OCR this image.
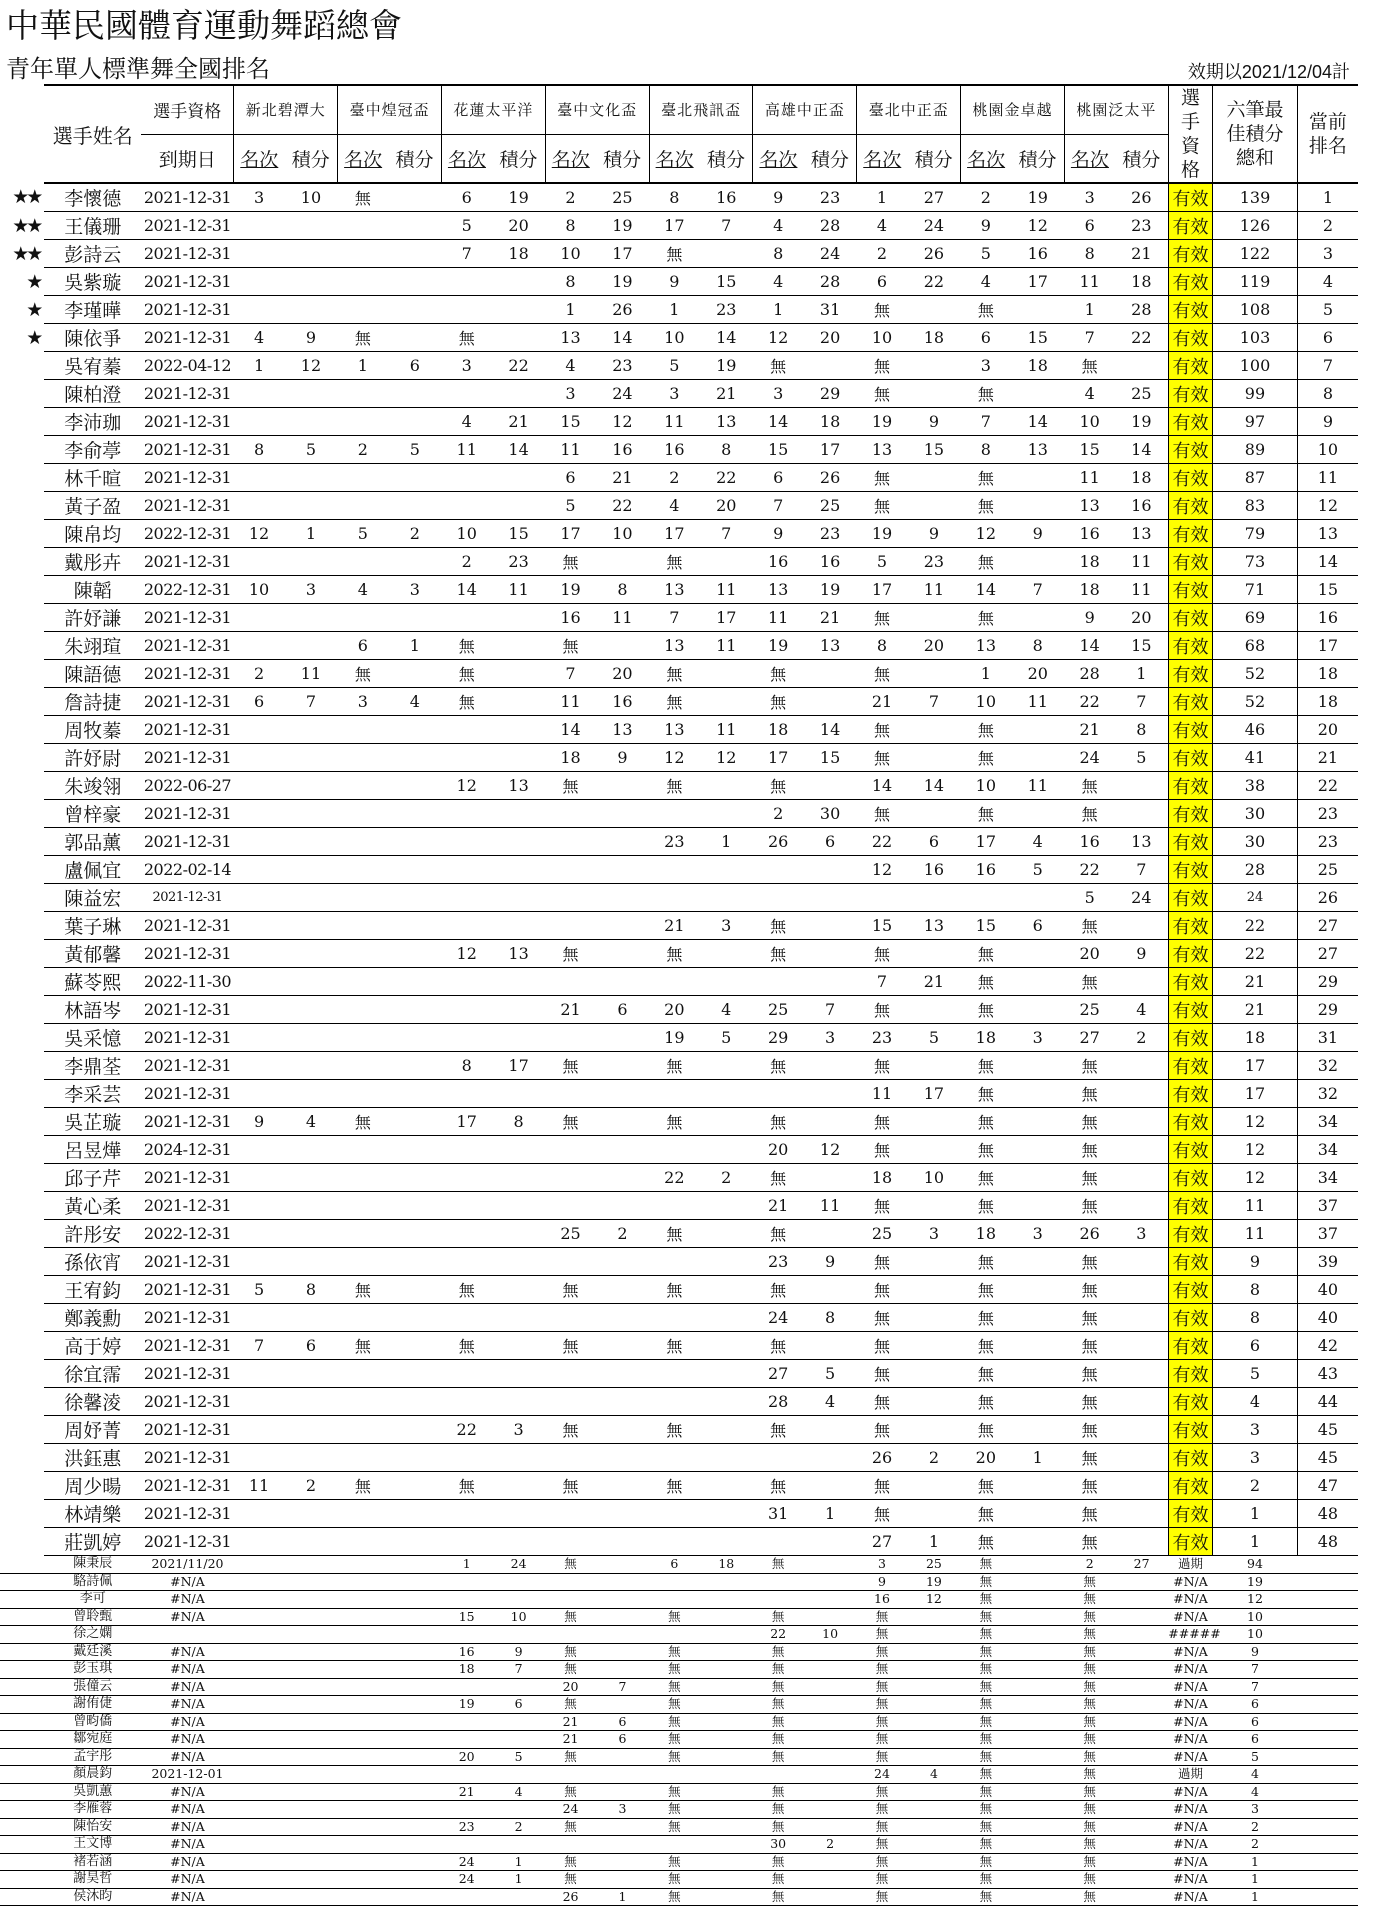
中華民國體育運動舞蹈總會
青年單人標準舞全國排名	效期以2021/12/04計
	選手姓名	選手資格	新北碧潭大		臺中煌冠盃		花蓮太平洋		臺中文化盃		臺北飛訊盃		高雄中正盃		臺北中正盃		桃園金卓越		桃園泛太平		選手資格	六筆最佳積分總和	當前排名
		到期日	名次	積分	名次	積分	名次	積分	名次	積分	名次	積分	名次	積分	名次	積分	名次	積分	名次	積分			
★★	李懷德	2021-12-31	3	10	無		6	19	2	25	8	16	9	23	1	27	2	19	3	26	有效	139	1
★★	王儀珊	2021-12-31					5	20	8	19	17	7	4	28	4	24	9	12	6	23	有效	126	2
★★	彭詩云	2021-12-31					7	18	10	17	無		8	24	2	26	5	16	8	21	有效	122	3
★	吳紫璇	2021-12-31							8	19	9	15	4	28	6	22	4	17	11	18	有效	119	4
★	李瑾曄	2021-12-31							1	26	1	23	1	31	無		無		1	28	有效	108	5
★	陳依爭	2021-12-31	4	9	無		無		13	14	10	14	12	20	10	18	6	15	7	22	有效	103	6
	吳宥蓁	2022-04-12	1	12	1	6	3	22	4	23	5	19	無		無		3	18	無		有效	100	7
	陳柏澄	2021-12-31							3	24	3	21	3	29	無		無		4	25	有效	99	8
	李沛珈	2021-12-31					4	21	15	12	11	13	14	18	19	9	7	14	10	19	有效	97	9
	李俞葶	2021-12-31	8	5	2	5	11	14	11	16	16	8	15	17	13	15	8	13	15	14	有效	89	10
	林千暄	2021-12-31							6	21	2	22	6	26	無		無		11	18	有效	87	11
	黃子盈	2021-12-31							5	22	4	20	7	25	無		無		13	16	有效	83	12
	陳帛均	2022-12-31	12	1	5	2	10	15	17	10	17	7	9	23	19	9	12	9	16	13	有效	79	13
	戴彤卉	2021-12-31					2	23	無		無		16	16	5	23	無		18	11	有效	73	14
	陳韜	2022-12-31	10	3	4	3	14	11	19	8	13	11	13	19	17	11	14	7	18	11	有效	71	15
	許妤謙	2021-12-31							16	11	7	17	11	21	無		無		9	20	有效	69	16
	朱翊瑄	2021-12-31			6	1	無		無		13	11	19	13	8	20	13	8	14	15	有效	68	17
	陳語德	2021-12-31	2	11	無		無		7	20	無		無		無		1	20	28	1	有效	52	18
	詹詩捷	2021-12-31	6	7	3	4	無		11	16	無		無		21	7	10	11	22	7	有效	52	18
	周牧蓁	2021-12-31							14	13	13	11	18	14	無		無		21	8	有效	46	20
	許妤尉	2021-12-31							18	9	12	12	17	15	無		無		24	5	有效	41	21
	朱竣翎	2022-06-27					12	13	無		無		無		14	14	10	11	無		有效	38	22
	曾梓豪	2021-12-31											2	30	無		無		無		有效	30	23
	郭品薰	2021-12-31									23	1	26	6	22	6	17	4	16	13	有效	30	23
	盧佩宜	2022-02-14													12	16	16	5	22	7	有效	28	25
	陳益宏	2021-12-31																	5	24	有效	24	26
	葉子琳	2021-12-31									21	3	無		15	13	15	6	無		有效	22	27
	黃郁馨	2021-12-31					12	13	無		無		無		無		無		20	9	有效	22	27
	蘇苓熙	2022-11-30													7	21	無		無		有效	21	29
	林語岑	2021-12-31							21	6	20	4	25	7	無		無		25	4	有效	21	29
	吳采憶	2021-12-31									19	5	29	3	23	5	18	3	27	2	有效	18	31
	李鼎荃	2021-12-31					8	17	無		無		無		無		無		無		有效	17	32
	李采芸	2021-12-31													11	17	無		無		有效	17	32
	吳芷璇	2021-12-31	9	4	無		17	8	無		無		無		無		無		無		有效	12	34
	呂昱燁	2024-12-31											20	12	無		無		無		有效	12	34
	邱子芹	2021-12-31									22	2	無		18	10	無		無		有效	12	34
	黃心柔	2021-12-31											21	11	無		無		無		有效	11	37
	許彤安	2022-12-31							25	2	無		無		25	3	18	3	26	3	有效	11	37
	孫依宵	2021-12-31											23	9	無		無		無		有效	9	39
	王宥鈞	2021-12-31	5	8	無		無		無		無		無		無		無		無		有效	8	40
	鄭義勳	2021-12-31											24	8	無		無		無		有效	8	40
	高于婷	2021-12-31	7	6	無		無		無		無		無		無		無		無		有效	6	42
	徐宜霈	2021-12-31											27	5	無		無		無		有效	5	43
	徐馨淩	2021-12-31											28	4	無		無		無		有效	4	44
	周妤菁	2021-12-31					22	3	無		無		無		無		無		無		有效	3	45
	洪鈺惠	2021-12-31													26	2	20	1	無		有效	3	45
	周少暘	2021-12-31	11	2	無		無		無		無		無		無		無		無		有效	2	47
	林靖樂	2021-12-31											31	1	無		無		無		有效	1	48
	莊凱婷	2021-12-31													27	1	無		無		有效	1	48
	陳秉辰	2021/11/20					1	24	無		6	18	無		3	25	無		2	27	過期	94	
	駱詩佩	#N/A													9	19	無		無		#N/A	19	
	李可	#N/A													16	12	無		無		#N/A	12	
	曾聆甄	#N/A					15	10	無		無		無		無		無		無		#N/A	10	
	徐之嫻												22	10	無		無		無		#####	10	
	戴廷溪	#N/A					16	9	無		無		無		無		無		無		#N/A	9	
	彭玉琪	#N/A					18	7	無		無		無		無		無		無		#N/A	7	
	張僮云	#N/A							20	7	無		無		無		無		無		#N/A	7	
	謝侑倢	#N/A					19	6	無		無		無		無		無		無		#N/A	6	
	曾畇僑	#N/A							21	6	無		無		無		無		無		#N/A	6	
	鄒宛庭	#N/A							21	6	無		無		無		無		無		#N/A	6	
	孟宇彤	#N/A					20	5	無		無		無		無		無		無		#N/A	5	
	顏晨鈞	2021-12-01													24	4	無		無		過期	4	
	吳凱蕙	#N/A					21	4	無		無		無		無		無		無		#N/A	4	
	李雁蓉	#N/A							24	3	無		無		無		無		無		#N/A	3	
	陳怡安	#N/A					23	2	無		無		無		無		無		無		#N/A	2	
	王文博	#N/A											30	2	無		無		無		#N/A	2	
	褚若涵	#N/A					24	1	無		無		無		無		無		無		#N/A	1	
	謝昊哲	#N/A					24	1	無		無		無		無		無		無		#N/A	1	
	侯沐昀	#N/A							26	1	無		無		無		無		無		#N/A	1	
